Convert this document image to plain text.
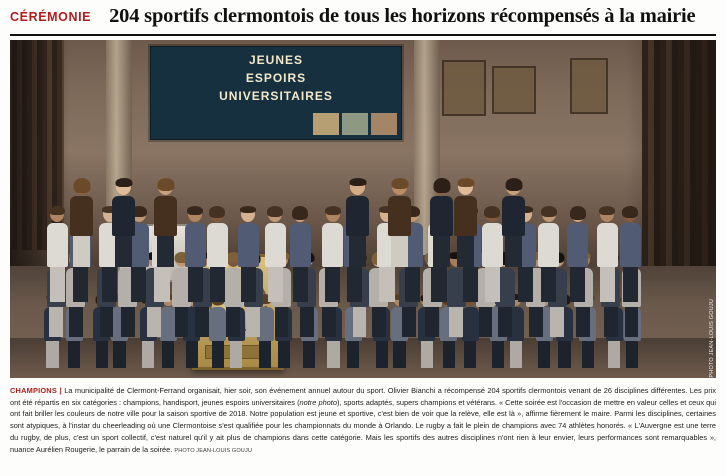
CÉRÉMONIE 204 sportifs clermontois de tous les horizons récompensés à la mairie
JEUNES
ESPOIRS
UNIVERSITAIRES
PHOTO JEAN-LOUIS GOUJU
CHAMPIONS | La municipalité de Clermont-Ferrand organisait, hier soir, son événement annuel autour du sport. Olivier Bianchi a récompensé 204 sportifs clermontois venant de 26 disciplines différentes. Les prix ont été répartis en six catégories : champions, handisport, jeunes espoirs universitaires (notre photo), sports adaptés, supers champions et vétérans. « Cette soirée est l'occasion de mettre en valeur celles et ceux qui ont fait briller les couleurs de notre ville pour la saison sportive de 2018. Notre population est jeune et sportive, c'est bien de voir que la relève, elle est là », affirme fièrement le maire. Parmi les disciplines, certaines sont atypiques, à l'instar du cheerleading où une Clermontoise s'est qualifiée pour les championnats du monde à Orlando. Le rugby a fait le plein de champions avec 74 athlètes honorés. « L'Auvergne est une terre du rugby, de plus, c'est un sport collectif, c'est naturel qu'il y ait plus de champions dans cette catégorie. Mais les sportifs des autres disciplines n'ont rien à leur envier, leurs performances sont remarquables », nuance Aurélien Rougerie, le parrain de la soirée. PHOTO JEAN-LOUIS GOUJU
